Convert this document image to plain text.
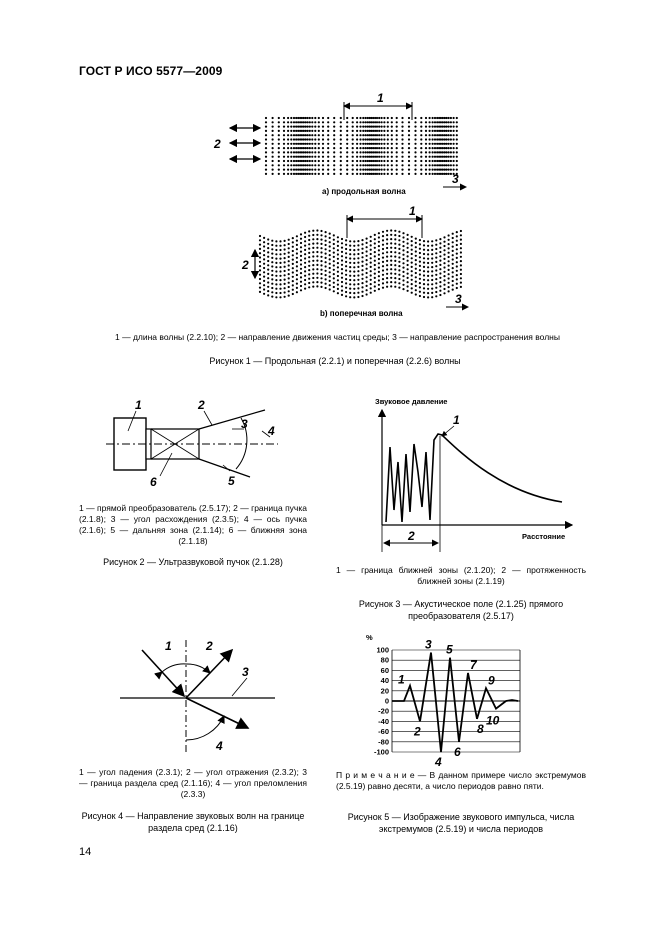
ГОСТ Р ИСО 5577—2009
1
2
3
1
2
3
a) продольная волна
b) поперечная волна
1 — длина волны (2.2.10); 2 — направление движения частиц среды; 3 — направление распространения волны
Рисунок 1 — Продольная (2.2.1) и поперечная (2.2.6) волны
1	2
3 4
5
6
1 — прямой преобразователь (2.5.17); 2 — граница пучка (2.1.8); 3 — угол расхождения (2.3.5); 4 — ось пучка (2.1.6); 5 — дальняя зона (2.1.14); 6 — ближняя зона (2.1.18)
Рисунок 2 — Ультразвуковой пучок (2.1.28)
Звуковое давление
Расстояние
1
2
1 — граница ближней зоны (2.1.20); 2 — протяженность ближней зоны (2.1.19)
Рисунок 3 — Акустическое поле (2.1.25) прямого преобразователя (2.5.17)
1	2
3
4
1 — угол падения (2.3.1); 2 — угол отражения (2.3.2); 3 — граница раздела сред (2.1.16); 4 — угол преломления (2.3.3)
Рисунок 4 — Направление звуковых волн на границе раздела сред (2.1.16)
100
80
60
40
20
0
-20
-40
-60
-80
-100
1
2
3
4
5
6
7
8
9
10
%
П р и м е ч а н и е — В данном примере число экстремумов (2.5.19) равно десяти, а число периодов равно пяти.
Рисунок 5 — Изображение звукового импульса, числа экстремумов (2.5.19) и числа периодов
14
